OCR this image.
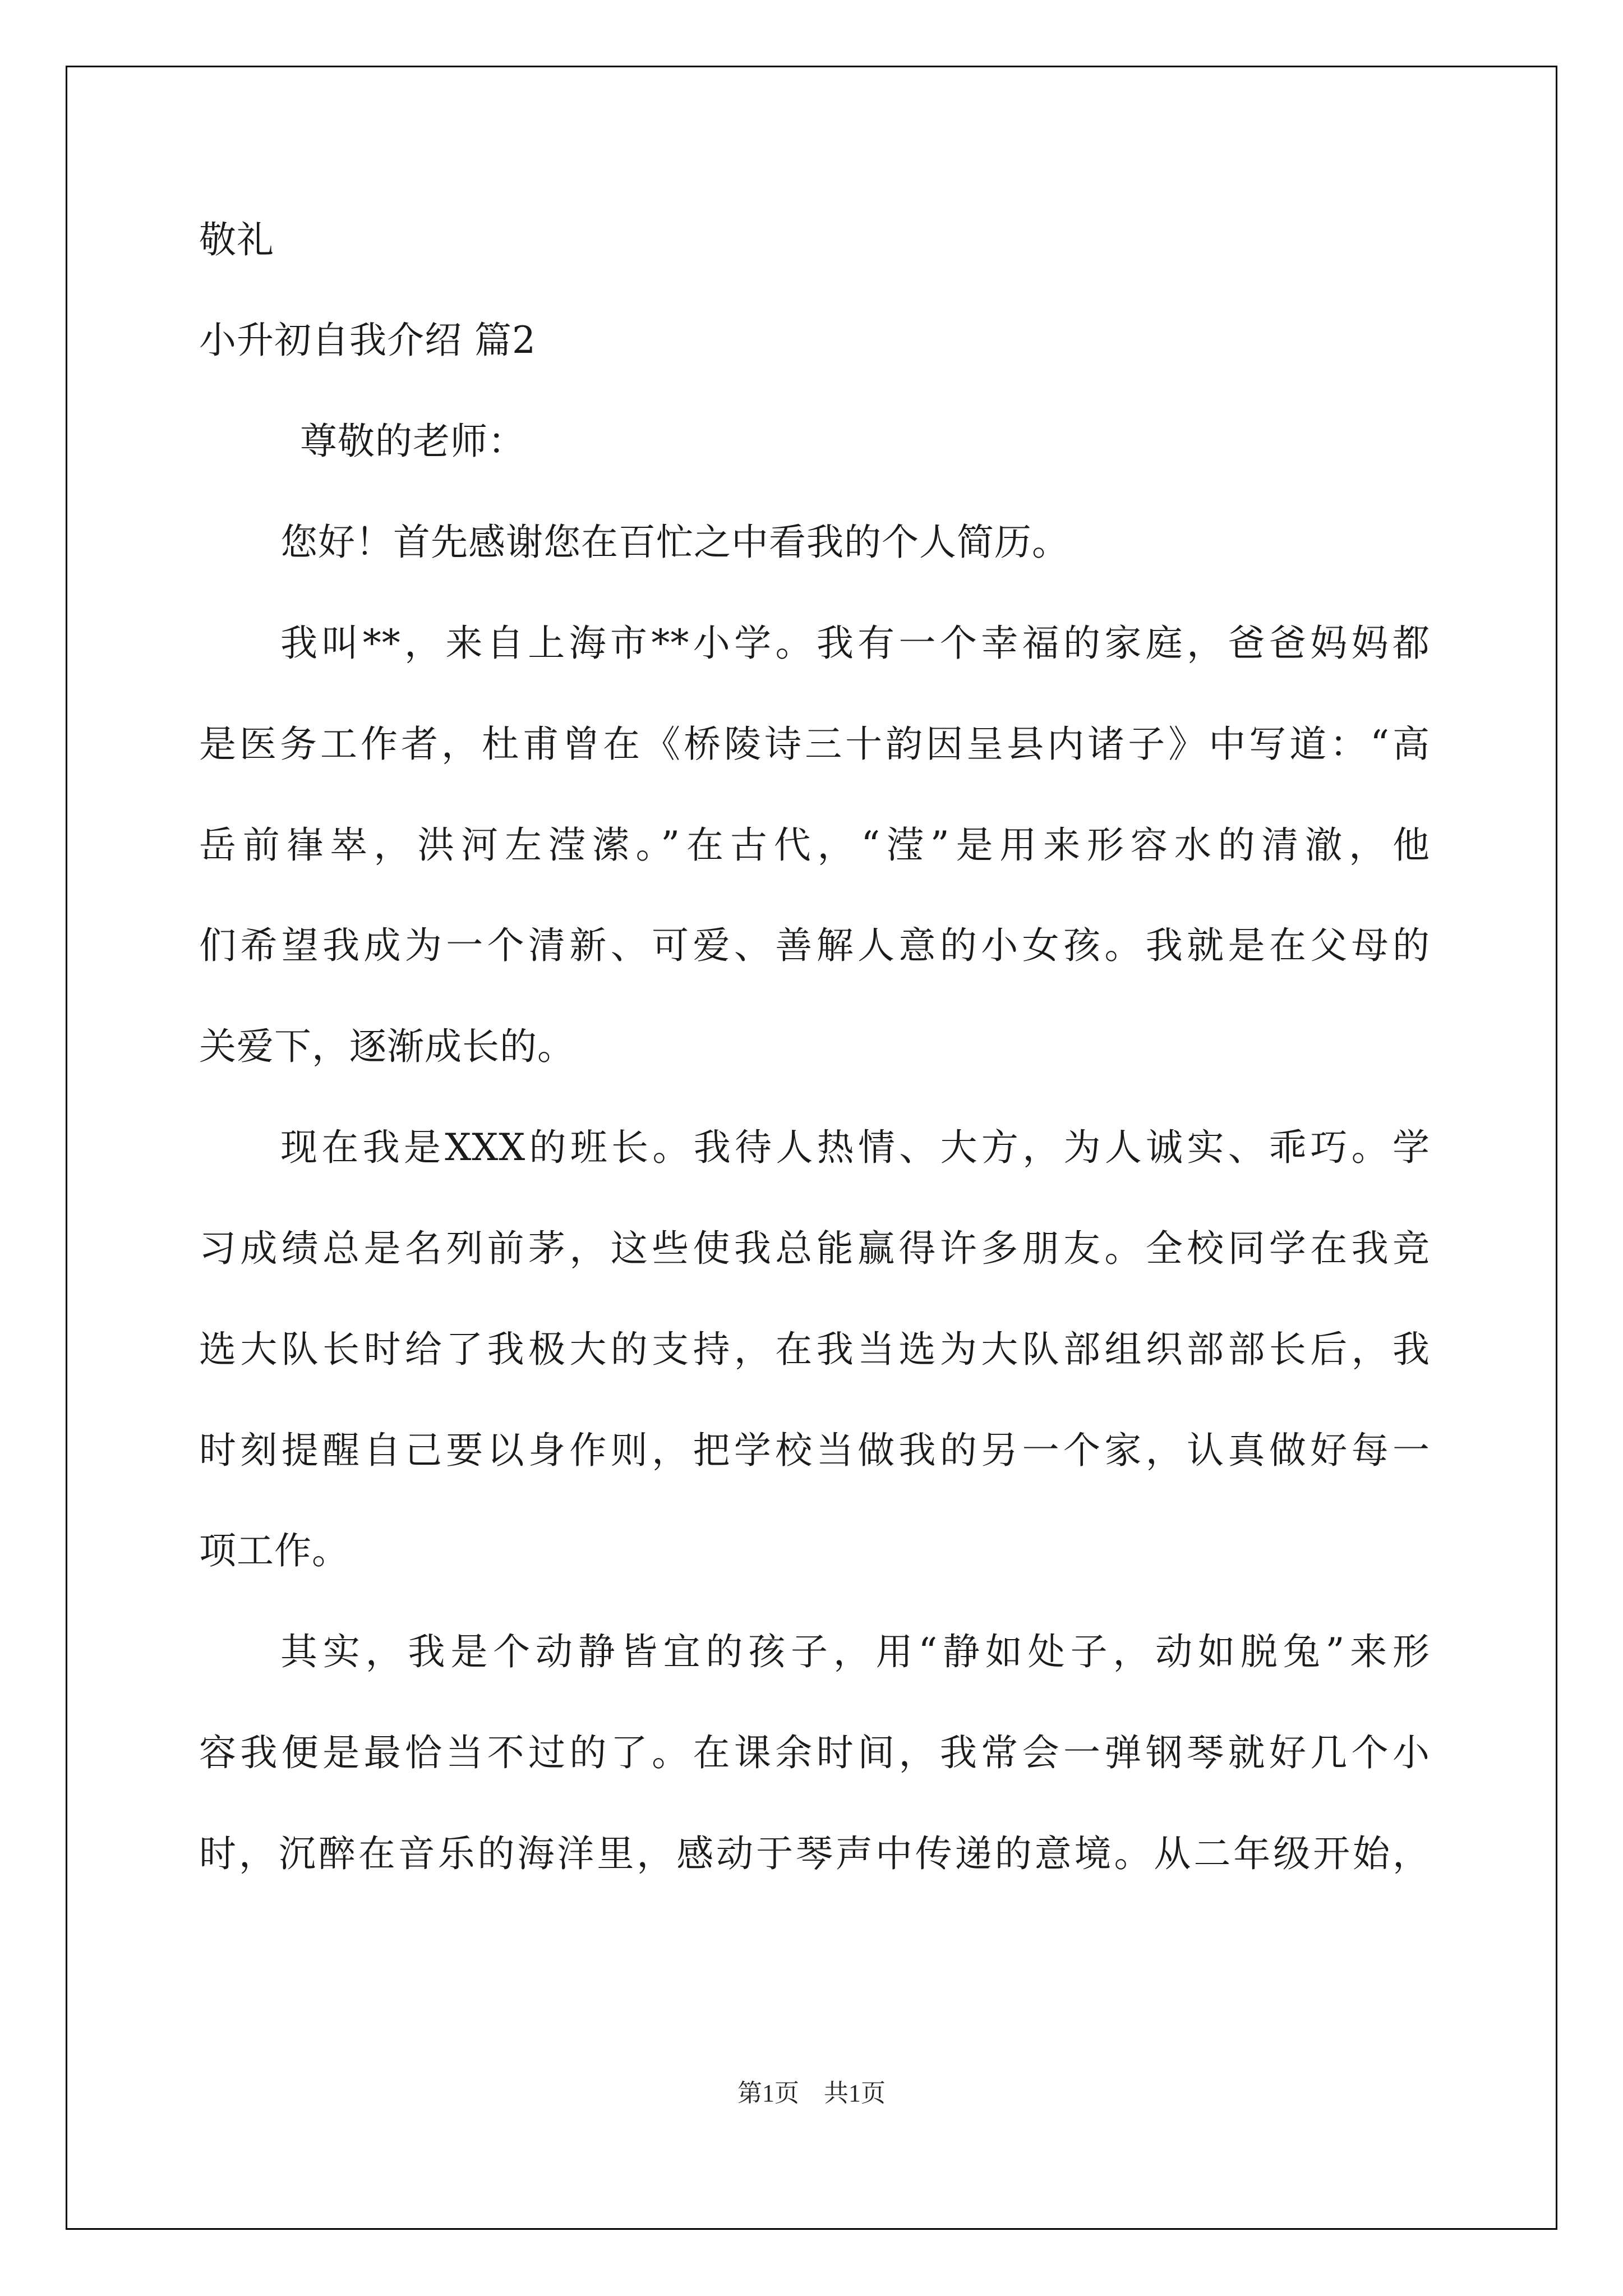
敬礼
小升初自我介绍 篇2
尊敬的老师：
您好！首先感谢您在百忙之中看我的个人简历。
我叫**，来自上海市**小学。我有一个幸福的家庭，爸爸妈妈都
是医务工作者，杜甫曾在《桥陵诗三十韵因呈县内诸子》中写道：“高
岳前嵂崒，洪河左滢潆。”在古代，“滢”是用来形容水的清澈，他
们希望我成为一个清新、可爱、善解人意的小女孩。我就是在父母的
关爱下，逐渐成长的。
现在我是XXX的班长。我待人热情、大方，为人诚实、乖巧。学
习成绩总是名列前茅，这些使我总能赢得许多朋友。全校同学在我竞
选大队长时给了我极大的支持，在我当选为大队部组织部部长后，我
时刻提醒自己要以身作则，把学校当做我的另一个家，认真做好每一
项工作。
其实，我是个动静皆宜的孩子，用“静如处子，动如脱兔”来形
容我便是最恰当不过的了。在课余时间，我常会一弹钢琴就好几个小
时，沉醉在音乐的海洋里，感动于琴声中传递的意境。从二年级开始，
第1页　共1页
